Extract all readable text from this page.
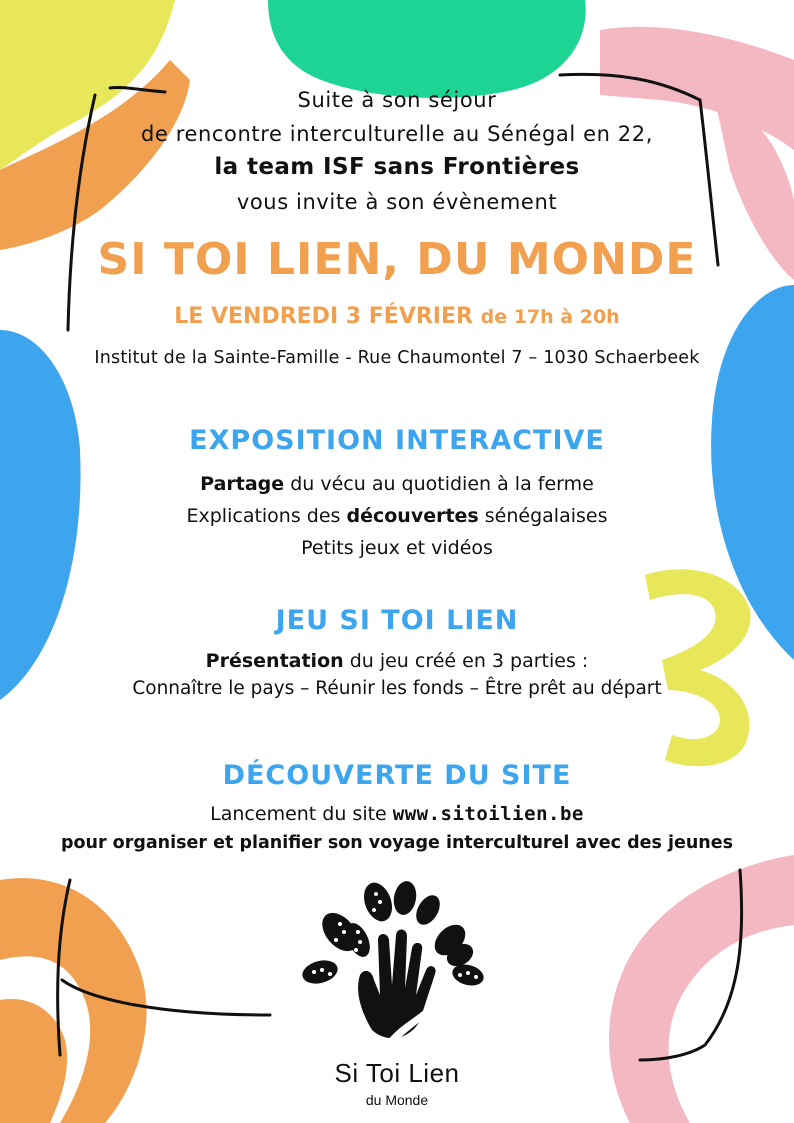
Suite à son séjour
de rencontre interculturelle au Sénégal en 22,
la team ISF sans Frontières
vous invite à son évènement
SI TOI LIEN, DU MONDE
LE VENDREDI 3 FÉVRIER de 17h à 20h
Institut de la Sainte-Famille - Rue Chaumontel 7 – 1030 Schaerbeek
EXPOSITION INTERACTIVE
Partage du vécu au quotidien à la ferme
Explications des découvertes sénégalaises
Petits jeux et vidéos
JEU SI TOI LIEN
Présentation du jeu créé en 3 parties :
Connaître le pays – Réunir les fonds – Être prêt au départ
DÉCOUVERTE DU SITE
Lancement du site www.sitoilien.be
pour organiser et planifier son voyage interculturel avec des jeunes
Si Toi Lien
du Monde
